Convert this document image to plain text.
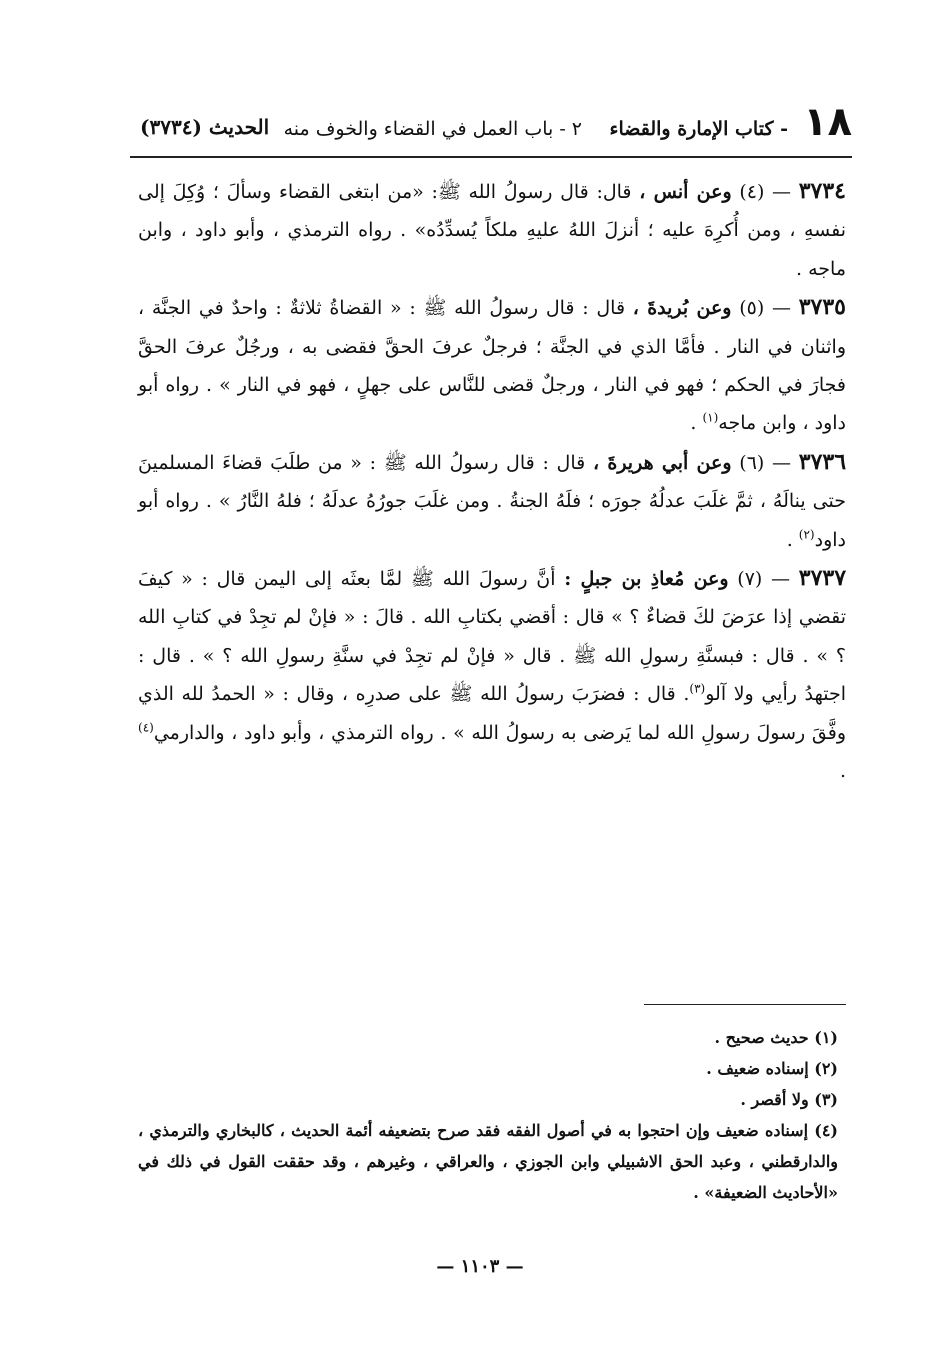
١٨
- كتاب الإمارة والقضاء
٢ - باب العمل في القضاء والخوف منه
الحديث (٣٧٣٤)

٣٧٣٤ — (٤) وعن أنس ، قال: قال رسولُ الله ﷺ: «من ابتغى القضاء وسألَ ؛ وُكِلَ إلى نفسهِ ، ومن أُكرِهَ عليه ؛ أنزلَ اللهُ عليهِ ملكاً يُسدِّدُه» . رواه الترمذي ، وأبو داود ، وابن ماجه .

٣٧٣٥ — (٥) وعن بُريدةَ ، قال : قال رسولُ الله ﷺ : « القضاةُ ثلاثةٌ : واحدٌ في الجنَّة ، واثنان في النار . فأمَّا الذي في الجنَّة ؛ فرجلٌ عرفَ الحقَّ فقضى به ، ورجُلٌ عرفَ الحقَّ فجارَ في الحكم ؛ فهو في النار ، ورجلٌ قضى للنَّاس على جهلٍ ، فهو في النار » . رواه أبو داود ، وابن ماجه$^{(١)}$ .

٣٧٣٦ — (٦) وعن أبي هريرةَ ، قال : قال رسولُ الله ﷺ : « من طلَبَ قضاءَ المسلمينَ حتى ينالَهُ ، ثمَّ غلَبَ عدلُهُ جورَه ؛ فلَهُ الجنةُ . ومن غلَبَ جورُهُ عدلَهُ ؛ فلهُ النَّارُ » . رواه أبو داود$^{(٢)}$ .

٣٧٣٧ — (٧) وعن مُعاذِ بن جبلٍ : أنَّ رسولَ الله ﷺ لمَّا بعثَه إلى اليمن قال : « كيفَ تقضي إذا عرَضَ لكَ قضاءٌ ؟ » قال : أقضي بكتابِ الله . قالَ : « فإنْ لم تجِدْ في كتابِ الله ؟ » . قال : فبسنَّةِ رسولِ الله ﷺ . قال « فإنْ لم تجِدْ في سنَّةِ رسولِ الله ؟ » . قال : اجتهدُ رأيي ولا آلو$^{(٣)}$. قال : فضرَبَ رسولُ الله ﷺ على صدرِه ، وقال : « الحمدُ لله الذي وفَّقَ رسولَ رسولِ الله لما يَرضى به رسولُ الله » . رواه الترمذي ، وأبو داود ، والدارمي$^{(٤)}$ .

(١) حديث صحيح .

(٢) إسناده ضعيف .

(٣) ولا أقصر .

(٤) إسناده ضعيف وإن احتجوا به في أصول الفقه فقد صرح بتضعيفه أئمة الحديث ، كالبخاري والترمذي ، والدارقطني ، وعبد الحق الاشبيلي وابن الجوزي ، والعراقي ، وغيرهم ، وقد حققت القول في ذلك في «الأحاديث الضعيفة» .

— ١١٠٣ —
